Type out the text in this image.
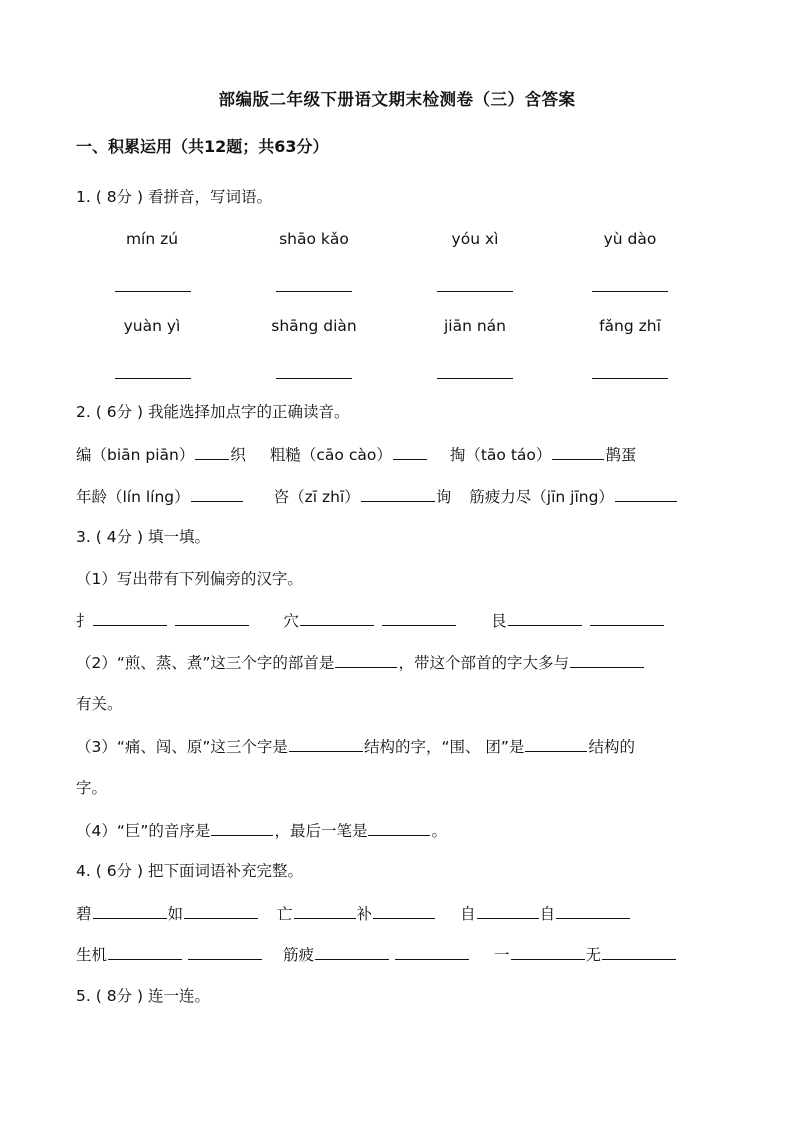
部编版二年级下册语文期末检测卷（三）含答案
一、积累运用（共12题；共63分）
1. ( 8分 ) 看拼音，写词语。
mín zú	shāo kǎo	yóu xì	yù dào
yuàn yì	shāng diàn	jiān nán	fǎng zhī
2. ( 6分 ) 我能选择加点字的正确读音。
编（biān piān） 织 粗糙（cāo cào）	掏（tāo táo）	鹊蛋
年龄（lín líng）	咨（zī zhī）	询 筋疲力尽（jīn jīng）
3. ( 4分 ) 填一填。
（1）写出带有下列偏旁的汉字。
扌	穴	艮
（2）“煎、蒸、煮”这三个字的部首是	，带这个部首的字大多与
有关。
（3）“痛、闯、原”这三个字是	结构的字，“围、 团”是	结构的
字。
（4）“巨”的音序是	，最后一笔是	。
4. ( 6分 ) 把下面词语补充完整。
碧	如	亡	补	自	自
生机	筋疲	一	无
5. ( 8分 ) 连一连。
